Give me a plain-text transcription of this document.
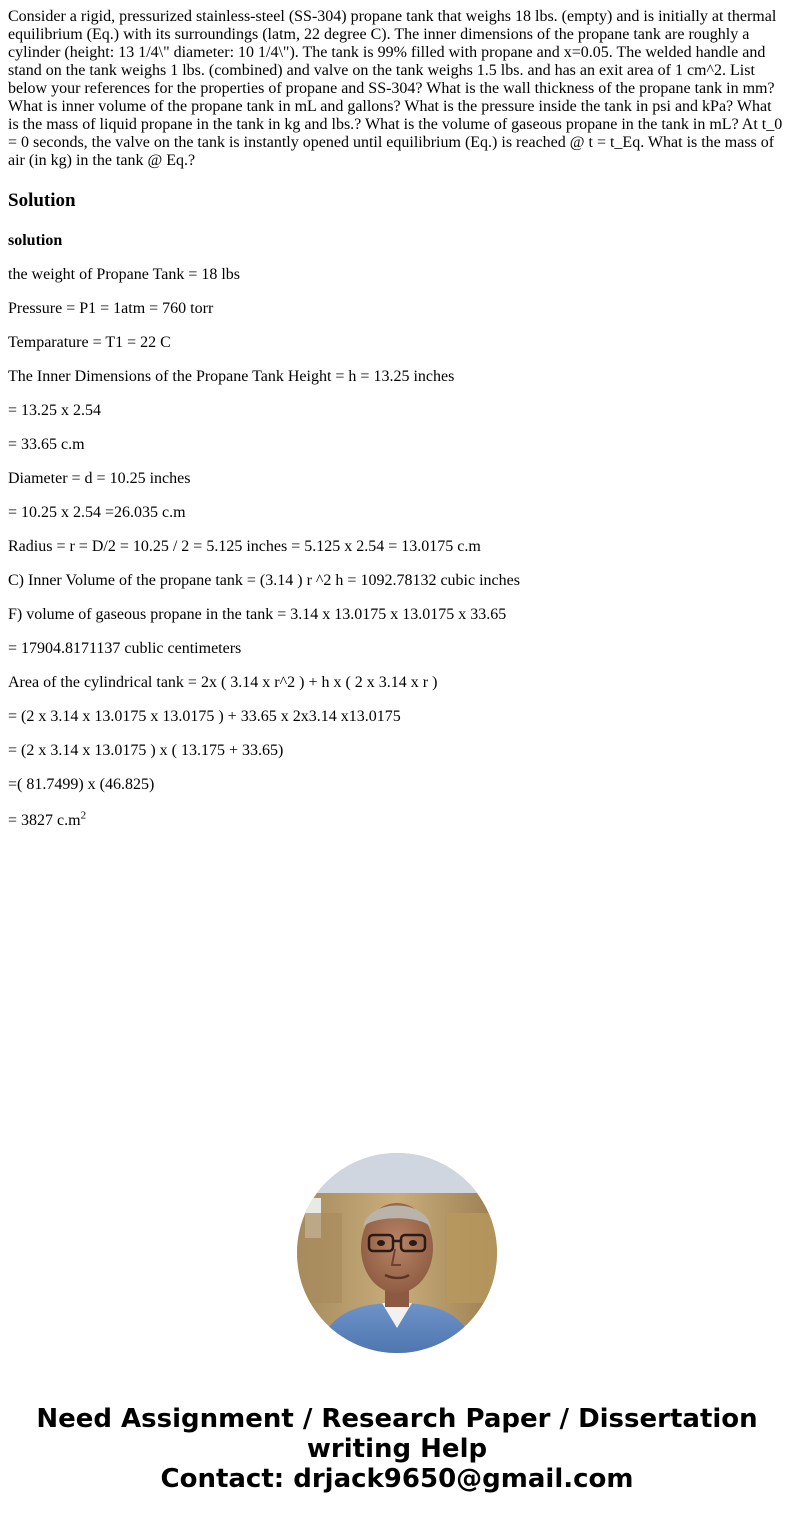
Consider a rigid, pressurized stainless-steel (SS-304) propane tank that weighs 18 lbs. (empty) and is initially at thermal equilibrium (Eq.) with its surroundings (latm, 22 degree C). The inner dimensions of the propane tank are roughly a cylinder (height: 13 1/4\" diameter: 10 1/4\"). The tank is 99% filled with propane and x=0.05. The welded handle and stand on the tank weighs 1 lbs. (combined) and valve on the tank weighs 1.5 lbs. and has an exit area of 1 cm^2. List below your references for the properties of propane and SS-304? What is the wall thickness of the propane tank in mm? What is inner volume of the propane tank in mL and gallons? What is the pressure inside the tank in psi and kPa? What is the mass of liquid propane in the tank in kg and lbs.? What is the volume of gaseous propane in the tank in mL? At t_0 = 0 seconds, the valve on the tank is instantly opened until equilibrium (Eq.) is reached @ t = t_Eq. What is the mass of air (in kg) in the tank @ Eq.?

Solution

solution

the weight of Propane Tank = 18 lbs

Pressure = P1 = 1atm = 760 torr

Temparature = T1 = 22 C

The Inner Dimensions of the Propane Tank Height = h = 13.25 inches

= 13.25 x 2.54

= 33.65 c.m

Diameter = d = 10.25 inches

= 10.25 x 2.54 =26.035 c.m

Radius = r = D/2 = 10.25 / 2 = 5.125 inches = 5.125 x 2.54 = 13.0175 c.m

C) Inner Volume of the propane tank = (3.14 ) r ^2 h = 1092.78132 cubic inches

F) volume of gaseous propane in the tank = 3.14 x 13.0175 x 13.0175 x 33.65

= 17904.8171137 cublic centimeters

Area of the cylindrical tank = 2x ( 3.14 x r^2 ) + h x ( 2 x 3.14 x r )

= (2 x 3.14 x 13.0175 x 13.0175 ) + 33.65 x 2x3.14 x13.0175

= (2 x 3.14 x 13.0175 ) x ( 13.175 + 33.65)

=( 81.7499) x (46.825)

= 3827 $c.m^2$

Need Assignment / Research Paper / Dissertation
writing Help
Contact: drjack9650@gmail.com
